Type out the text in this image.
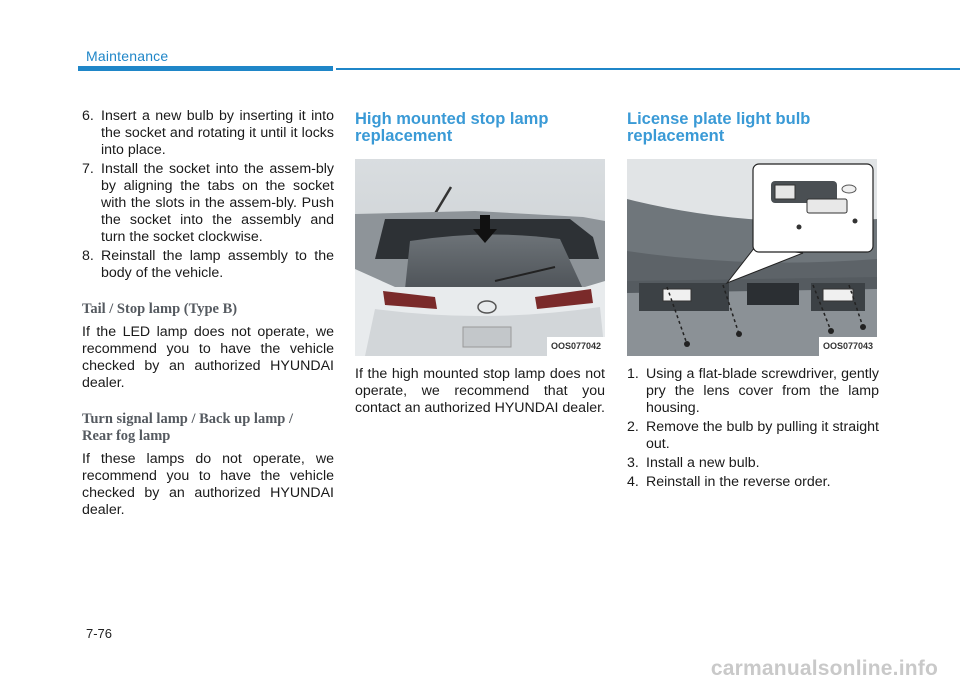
Maintenance
6. Insert a new bulb by inserting it into the socket and rotating it until it locks into place.
7. Install the socket into the assem-bly by aligning the tabs on the socket with the slots in the assem-bly. Push the socket into the assembly and turn the socket clockwise.
8. Reinstall the lamp assembly to the body of the vehicle.
Tail / Stop lamp (Type B)
If the LED lamp does not operate, we recommend you to have the vehicle checked by an authorized HYUNDAI dealer.
Turn signal lamp / Back up lamp /
Rear fog lamp
If these lamps do not operate, we recommend you to have the vehicle checked by an authorized HYUNDAI dealer.
High mounted stop lamp
replacement
OOS077042
If the high mounted stop lamp does not operate, we recommend that you contact an authorized HYUNDAI dealer.
License plate light bulb
replacement
OOS077043
1. Using a flat-blade screwdriver, gently pry the lens cover from the lamp housing.
2. Remove the bulb by pulling it straight out.
3. Install a new bulb.
4. Reinstall in the reverse order.
7-76
carmanualsonline.info
